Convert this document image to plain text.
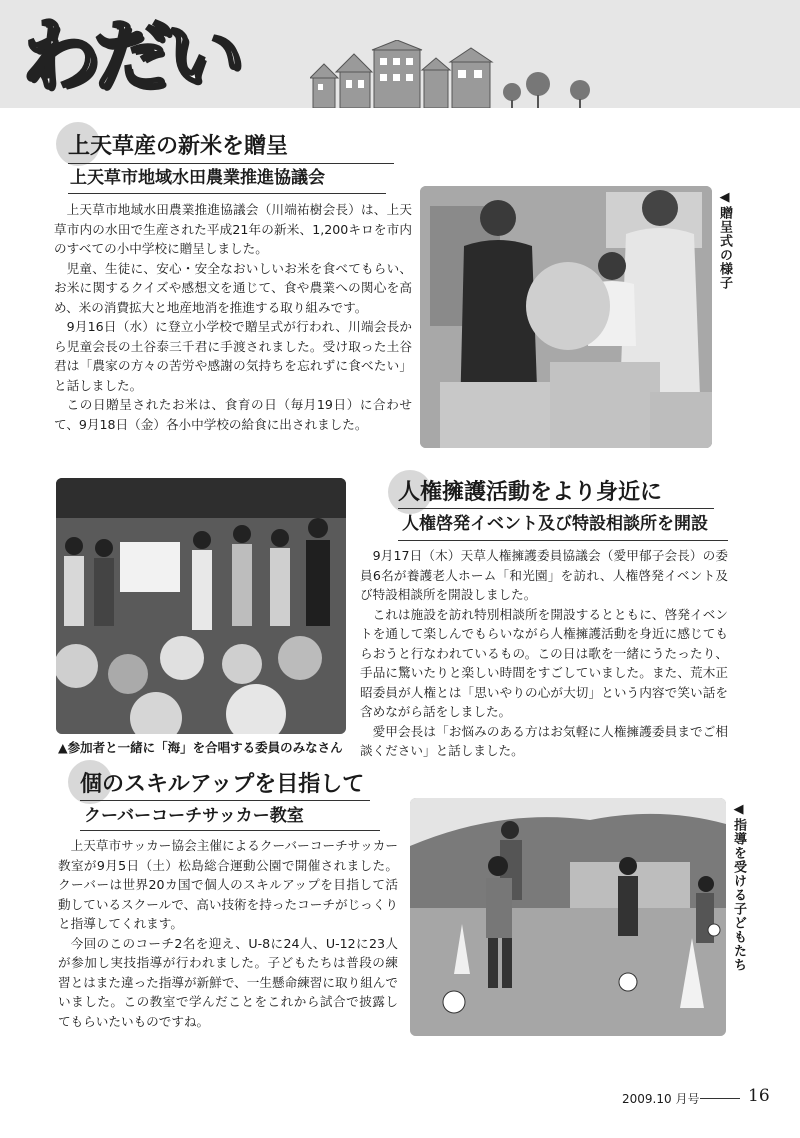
わだい
上天草産の新米を贈呈
上天草市地域水田農業推進協議会

上天草市地域水田農業推進協議会（川端祐樹会長）は、上天草市内の水田で生産された平成21年の新米、1,200キロを市内のすべての小中学校に贈呈しました。

児童、生徒に、安心・安全なおいしいお米を食べてもらい、お米に関するクイズや感想文を通じて、食や農業への関心を高め、米の消費拡大と地産地消を推進する取り組みです。

9月16日（水）に登立小学校で贈呈式が行われ、川端会長から児童会長の土谷泰三千君に手渡されました。受け取った土谷君は「農家の方々の苦労や感謝の気持ちを忘れずに食べたい」と話しました。

この日贈呈されたお米は、食育の日（毎月19日）に合わせて、9月18日（金）各小中学校の給食に出されました。

◀贈呈式の様子
▲参加者と一緒に「海」を合唱する委員のみなさん
人権擁護活動をより身近に
人権啓発イベント及び特設相談所を開設

9月17日（木）天草人権擁護委員協議会（愛甲郁子会長）の委員6名が養護老人ホーム「和光園」を訪れ、人権啓発イベント及び特設相談所を開設しました。

これは施設を訪れ特別相談所を開設するとともに、啓発イベントを通して楽しんでもらいながら人権擁護活動を身近に感じてもらおうと行なわれているもの。この日は歌を一緒にうたったり、手品に驚いたりと楽しい時間をすごしていました。また、荒木正昭委員が人権とは「思いやりの心が大切」という内容で笑い話を含めながら話をしました。

愛甲会長は「お悩みのある方はお気軽に人権擁護委員までご相談ください」と話しました。

個のスキルアップを目指して
クーバーコーチサッカー教室

上天草市サッカー協会主催によるクーバーコーチサッカー教室が9月5日（土）松島総合運動公園で開催されました。クーバーは世界20カ国で個人のスキルアップを目指して活動しているスクールで、高い技術を持ったコーチがじっくりと指導してくれます。

今回のこのコーチ2名を迎え、U-8に24人、U-12に23人が参加し実技指導が行われました。子どもたちは普段の練習とはまた違った指導が新鮮で、一生懸命練習に取り組んでいました。この教室で学んだことをこれから試合で披露してもらいたいものですね。

◀指導を受ける子どもたち
2009.10 月号	16
